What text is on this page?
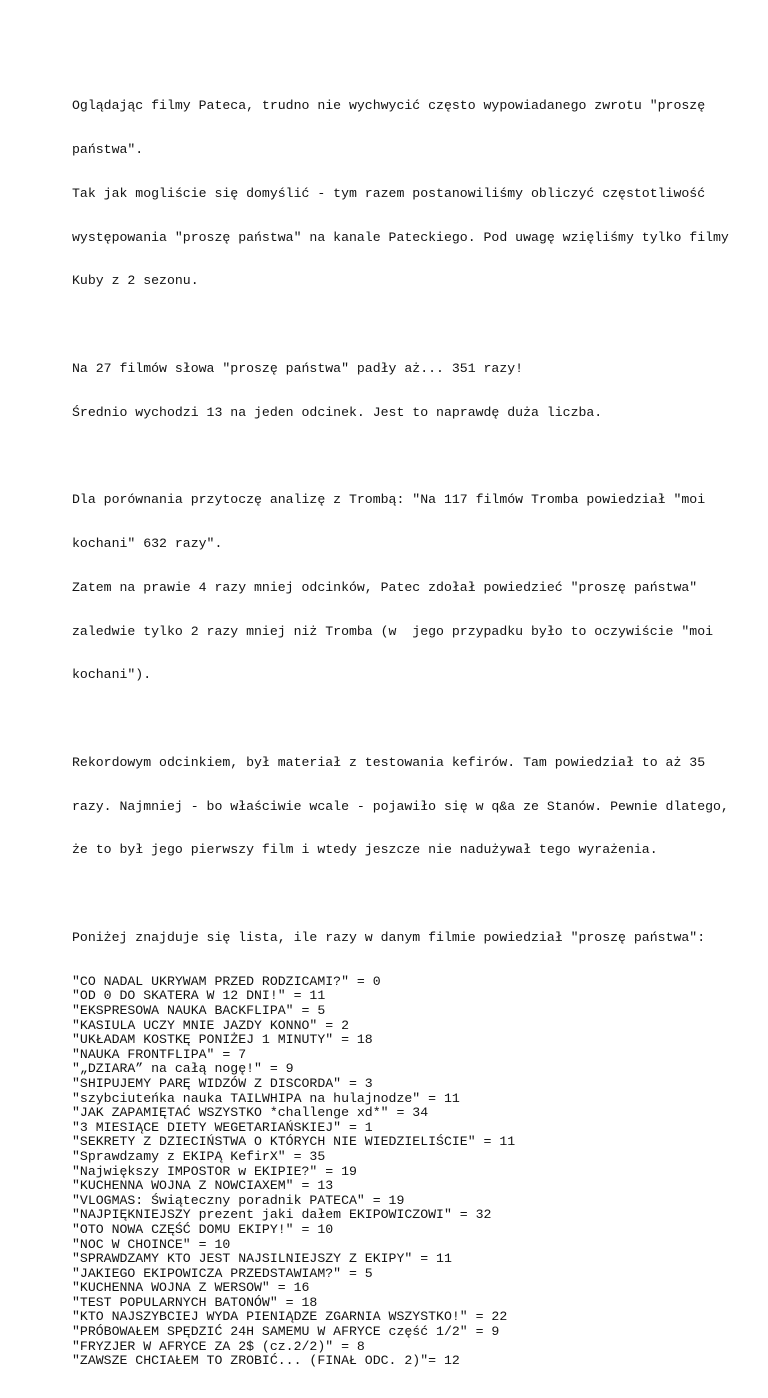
Oglądając filmy Pateca, trudno nie wychwycić często wypowiadanego zwrotu "proszę

państwa".

Tak jak mogliście się domyślić - tym razem postanowiliśmy obliczyć częstotliwość

występowania "proszę państwa" na kanale Pateckiego. Pod uwagę wzięliśmy tylko filmy

Kuby z 2 sezonu.

Na 27 filmów słowa "proszę państwa" padły aż... 351 razy!

Średnio wychodzi 13 na jeden odcinek. Jest to naprawdę duża liczba.

Dla porównania przytoczę analizę z Trombą: "Na 117 filmów Tromba powiedział "moi

kochani" 632 razy".

Zatem na prawie 4 razy mniej odcinków, Patec zdołał powiedzieć "proszę państwa"

zaledwie tylko 2 razy mniej niż Tromba (w  jego przypadku było to oczywiście "moi

kochani").

Rekordowym odcinkiem, był materiał z testowania kefirów. Tam powiedział to aż 35

razy. Najmniej - bo właściwie wcale - pojawiło się w q&a ze Stanów. Pewnie dlatego,

że to był jego pierwszy film i wtedy jeszcze nie nadużywał tego wyrażenia.

Poniżej znajduje się lista, ile razy w danym filmie powiedział "proszę państwa":

"CO NADAL UKRYWAM PRZED RODZICAMI?" = 0
"OD 0 DO SKATERA W 12 DNI!" = 11
"EKSPRESOWA NAUKA BACKFLIPA" = 5
"KASIULA UCZY MNIE JAZDY KONNO" = 2
"UKŁADAM KOSTKĘ PONIŻEJ 1 MINUTY" = 18
"NAUKA FRONTFLIPA" = 7
"„DZIARA” na całą nogę!" = 9
"SHIPUJEMY PARĘ WIDZÓW Z DISCORDA" = 3
"szybciuteńka nauka TAILWHIPA na hulajnodze" = 11
"JAK ZAPAMIĘTAĆ WSZYSTKO *challenge xd*" = 34
"3 MIESIĄCE DIETY WEGETARIAŃSKIEJ" = 1
"SEKRETY Z DZIECIŃSTWA O KTÓRYCH NIE WIEDZIELIŚCIE" = 11
"Sprawdzamy z EKIPĄ KefirX" = 35
"Największy IMPOSTOR w EKIPIE?" = 19
"KUCHENNA WOJNA Z NOWCIAXEM" = 13
"VLOGMAS: Świąteczny poradnik PATECA" = 19
"NAJPIĘKNIEJSZY prezent jaki dałem EKIPOWICZOWI" = 32
"OTO NOWA CZĘŚĆ DOMU EKIPY!" = 10
"NOC W CHOINCE" = 10
"SPRAWDZAMY KTO JEST NAJSILNIEJSZY Z EKIPY" = 11
"JAKIEGO EKIPOWICZA PRZEDSTAWIAM?" = 5
"KUCHENNA WOJNA Z WERSOW" = 16
"TEST POPULARNYCH BATONÓW" = 18
"KTO NAJSZYBCIEJ WYDA PIENIĄDZE ZGARNIA WSZYSTKO!" = 22
"PRÓBOWAŁEM SPĘDZIĆ 24H SAMEMU W AFRYCE część 1/2" = 9
"FRYZJER W AFRYCE ZA 2$ (cz.2/2)" = 8
"ZAWSZE CHCIAŁEM TO ZROBIĆ... (FINAŁ ODC. 2)"= 12
